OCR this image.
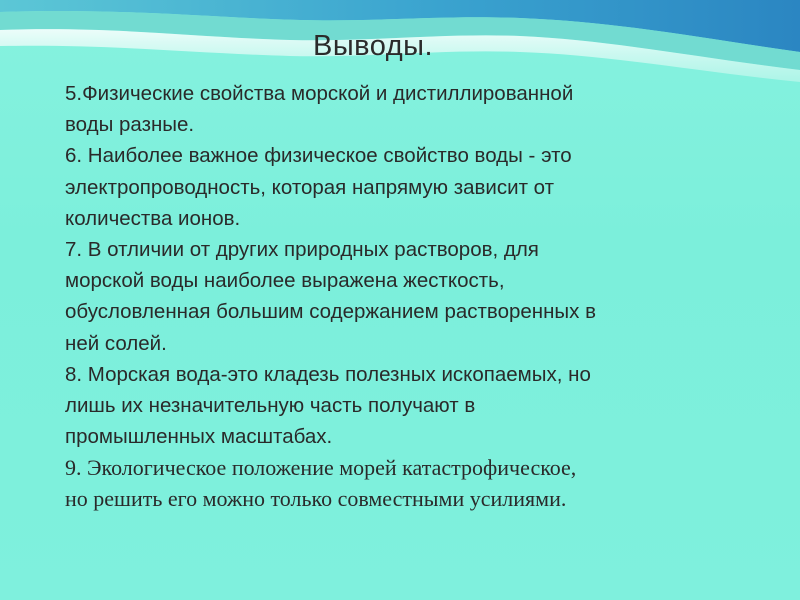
Выводы.
5.Физические свойства морской и дистиллированной
воды разные.
6. Наиболее важное физическое свойство воды - это
электропроводность, которая напрямую зависит от
количества ионов.
7. В отличии от других природных растворов, для
морской воды наиболее выражена жесткость,
обусловленная большим содержанием растворенных в
ней солей.
8. Морская вода-это кладезь полезных ископаемых, но
лишь их незначительную часть получают в
промышленных масштабах.
9. Экологическое положение морей катастрофическое,
но решить его можно только совместными усилиями.
